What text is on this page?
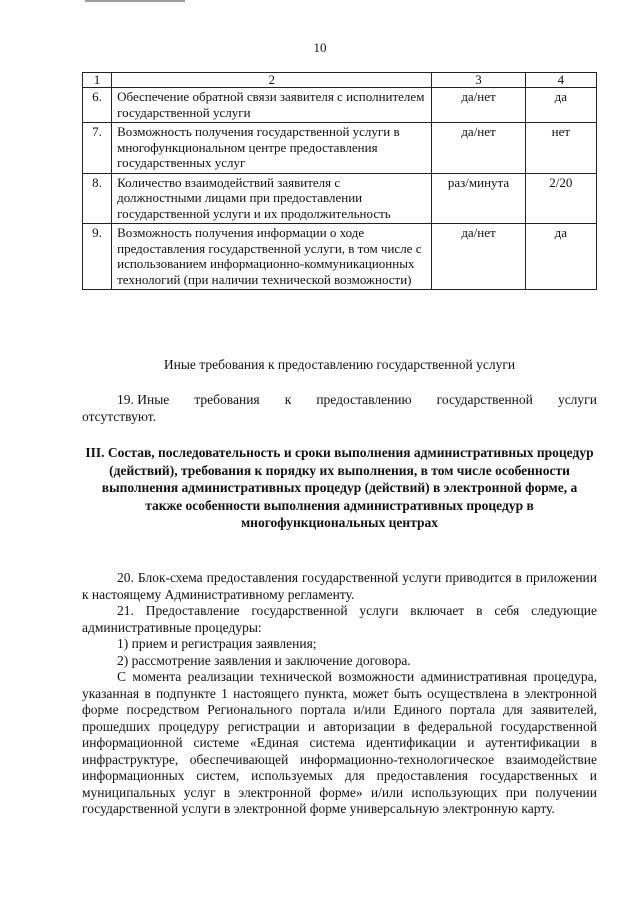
10
1	2	3	4
6.	Обеспечение обратной связи заявителя с исполнителем государственной услуги	да/нет	да
7.	Возможность получения государственной услуги в многофункциональном центре предоставления государственных услуг	да/нет	нет
8.	Количество взаимодействий заявителя с должностными лицами при предоставлении государственной услуги и их продолжительность	раз/минута	2/20
9.	Возможность получения информации о ходе предоставления государственной услуги, в том числе с использованием информационно-коммуникационных технологий (при наличии технической возможности)	да/нет	да
Иные требования к предоставлению государственной услуги
19. Иные требования к предоставлению государственной услуги
отсутствуют.
III. Состав, последовательность и сроки выполнения административных процедур (действий), требования к порядку их выполнения, в том числе особенности выполнения административных процедур (действий) в электронной форме, а также особенности выполнения административных процедур в многофункциональных центрах
20. Блок-схема предоставления государственной услуги приводится в приложении к настоящему Административному регламенту.
21. Предоставление государственной услуги включает в себя следующие административные процедуры:
1) прием и регистрация заявления;
2) рассмотрение заявления и заключение договора.
С момента реализации технической возможности административная процедура, указанная в подпункте 1 настоящего пункта, может быть осуществлена в электронной форме посредством Регионального портала и/или Единого портала для заявителей, прошедших процедуру регистрации и авторизации в федеральной государственной информационной системе «Единая система идентификации и аутентификации в инфраструктуре, обеспечивающей информационно-технологическое взаимодействие информационных систем, используемых для предоставления государственных и муниципальных услуг в электронной форме» и/или использующих при получении государственной услуги в электронной форме универсальную электронную карту.
